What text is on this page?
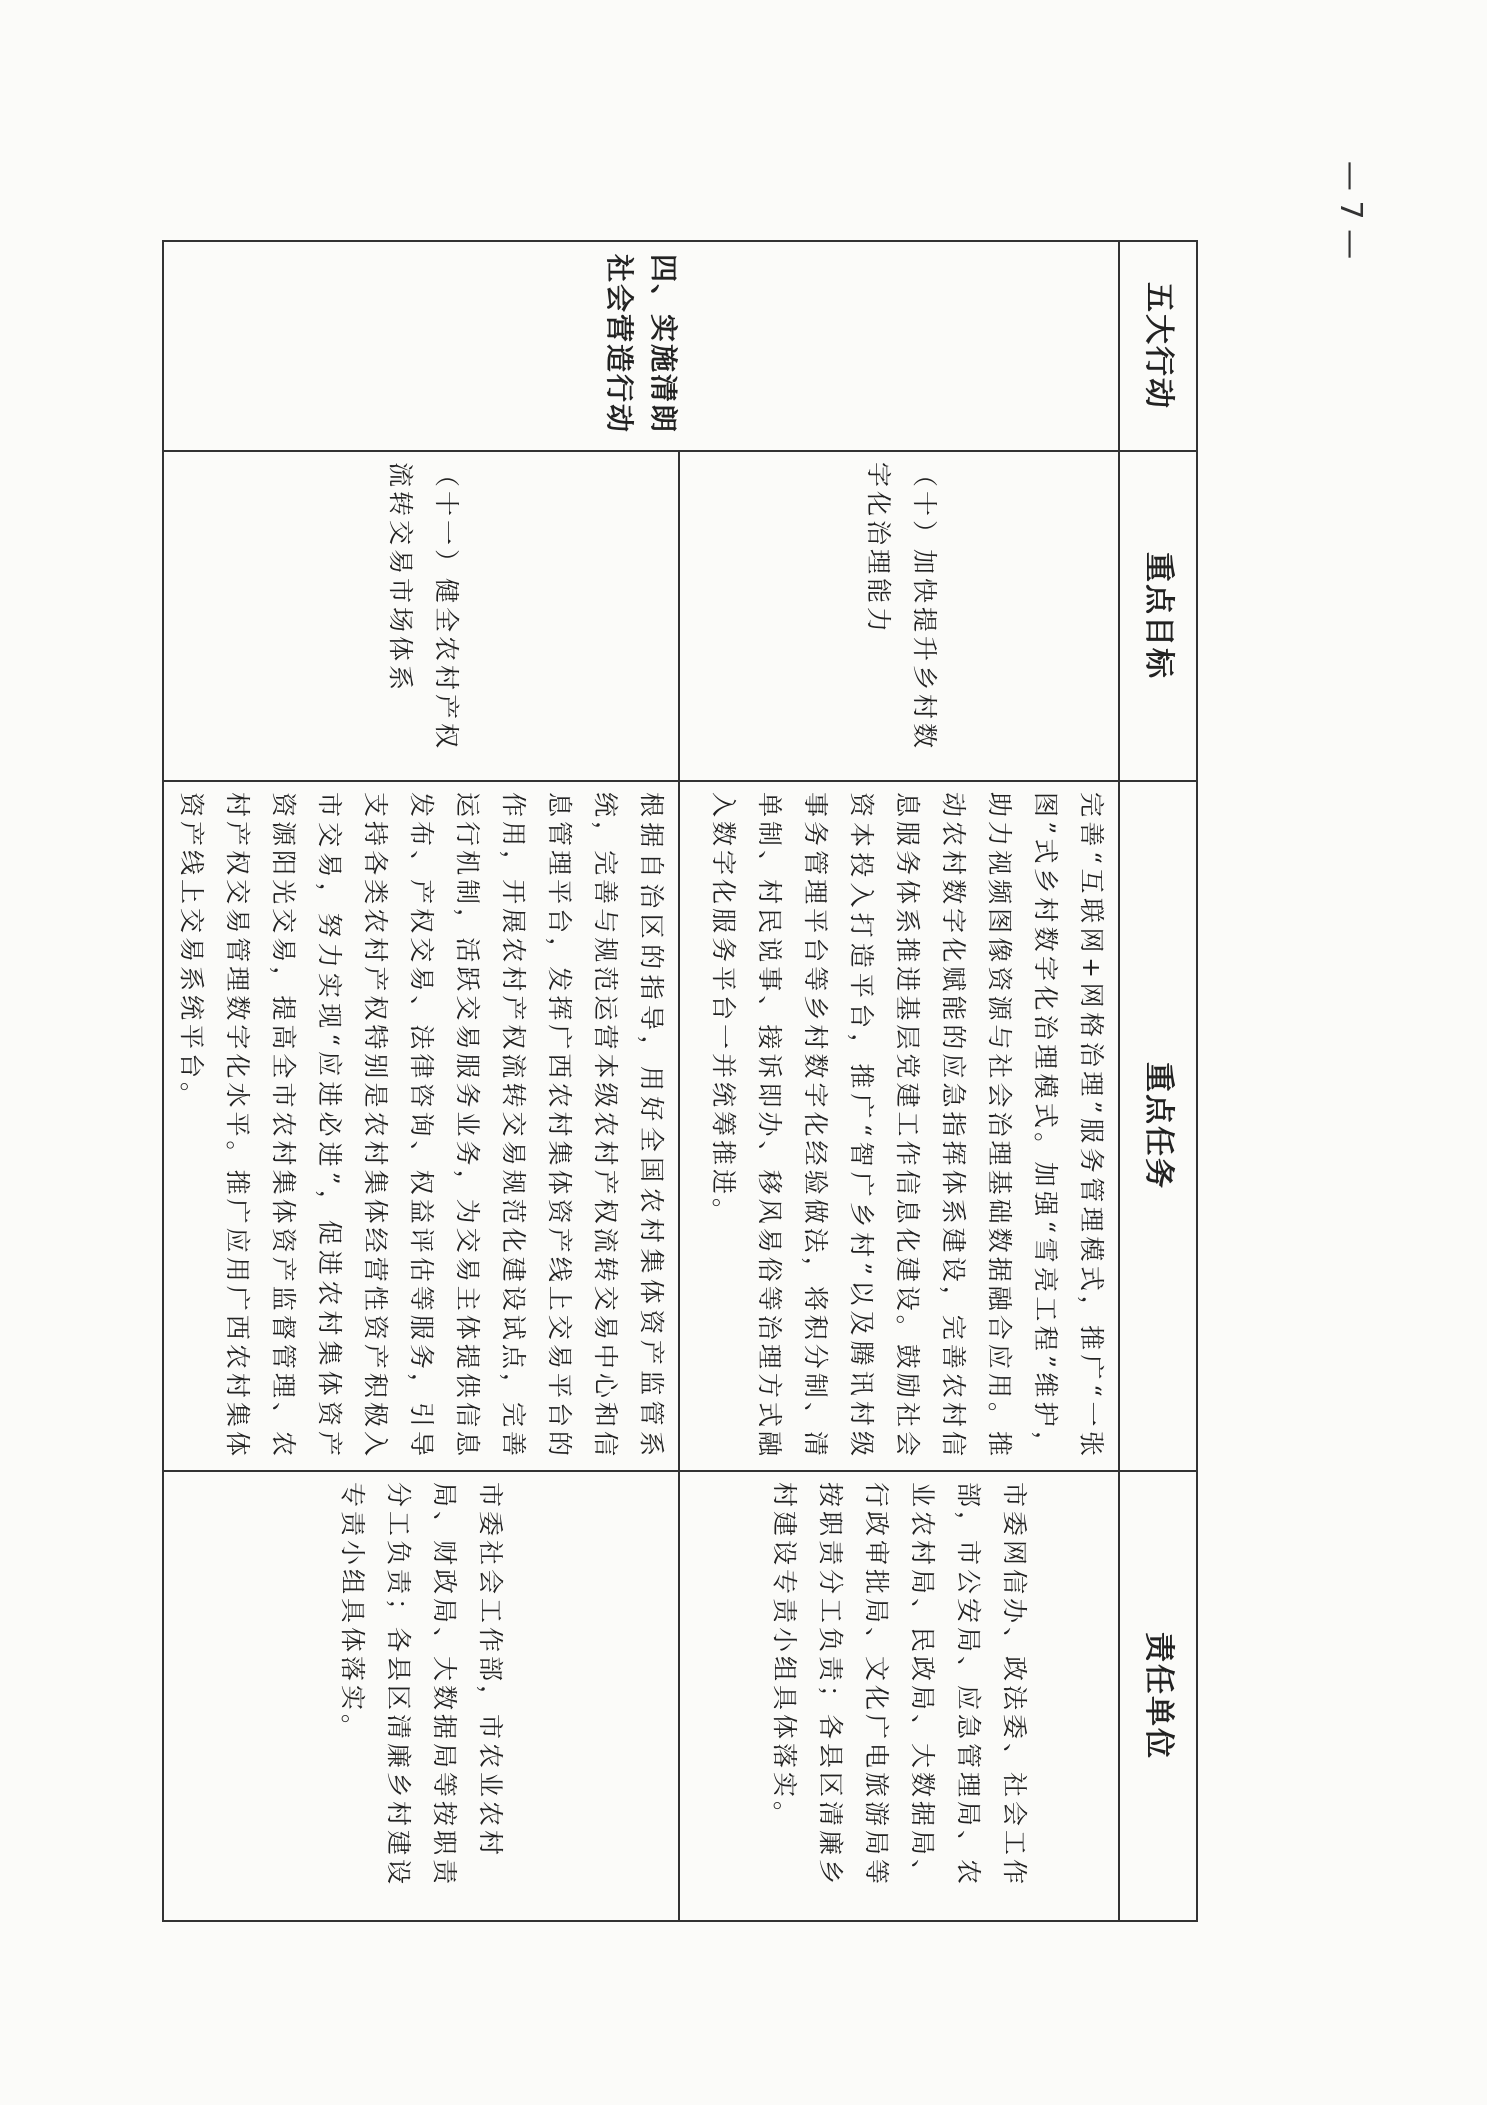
— 7 —
五大行动	重点目标	重点任务	责任单位
四、实施清朗社会营造行动	（十）加快提升乡村数字化治理能力	完善“互联网+网格治理”服务管理模式，推广“一张图”式乡村数字化治理模式。加强“雪亮工程”维护，助力视频图像资源与社会治理基础数据融合应用。推动农村数字化赋能的应急指挥体系建设，完善农村信息服务体系推进基层党建工作信息化建设。鼓励社会资本投入打造平台，推广“智广乡村”以及腾讯村级事务管理平台等乡村数字化经验做法，将积分制、清单制、村民说事、接诉即办、移风易俗等治理方式融入数字化服务平台一并统筹推进。	市委网信办、政法委、社会工作部，市公安局、应急管理局、农业农村局、民政局、大数据局、行政审批局、文化广电旅游局等按职责分工负责；各县区清廉乡村建设专责小组具体落实。
	（十一）健全农村产权流转交易市场体系	根据自治区的指导，用好全国农村集体资产监管系统，完善与规范运营本级农村产权流转交易中心和信息管理平台，发挥广西农村集体资产线上交易平台的作用，开展农村产权流转交易规范化建设试点，完善运行机制，活跃交易服务业务，为交易主体提供信息发布、产权交易、法律咨询、权益评估等服务，引导支持各类农村产权特别是农村集体经营性资产积极入市交易，努力实现“应进必进”，促进农村集体资产资源阳光交易，提高全市农村集体资产监督管理、农村产权交易管理数字化水平。推广应用广西农村集体资产线上交易系统平台。	市委社会工作部，市农业农村局、财政局、大数据局等按职责分工负责；各县区清廉乡村建设专责小组具体落实。
